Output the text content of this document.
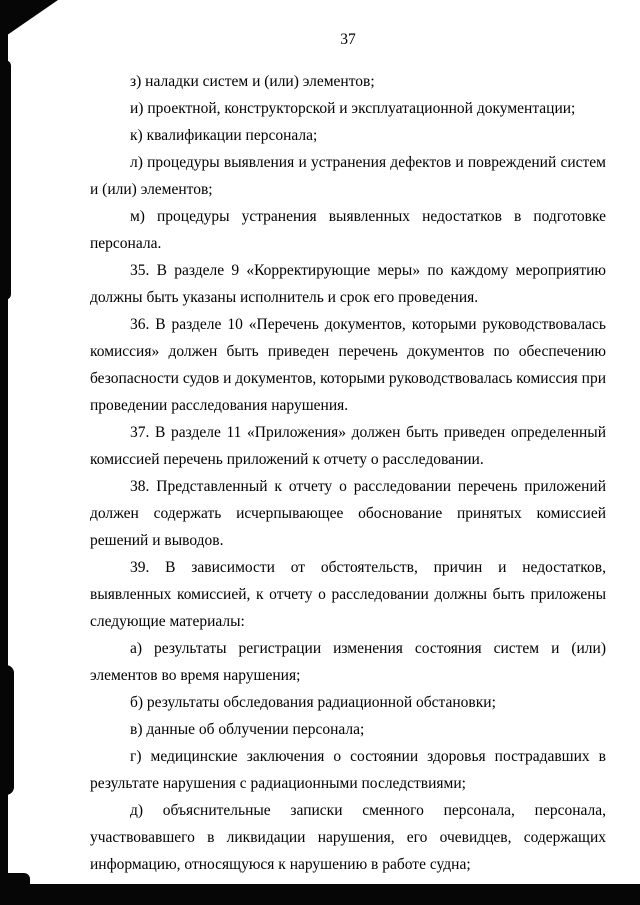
37

з) наладки систем и (или) элементов;

и) проектной, конструкторской и эксплуатационной документации;

к) квалификации персонала;

л) процедуры выявления и устранения дефектов и повреждений систем и (или) элементов;

м) процедуры устранения выявленных недостатков в подготовке персонала.

35. В разделе 9 «Корректирующие меры» по каждому мероприятию должны быть указаны исполнитель и срок его проведения.

36. В разделе 10 «Перечень документов, которыми руководствовалась комиссия» должен быть приведен перечень документов по обеспечению безопасности судов и документов, которыми руководствовалась комиссия при проведении расследования нарушения.

37. В разделе 11 «Приложения» должен быть приведен определенный комиссией перечень приложений к отчету о расследовании.

38. Представленный к отчету о расследовании перечень приложений должен содержать исчерпывающее обоснование принятых комиссией решений и выводов.

39. В зависимости от обстоятельств, причин и недостатков, выявленных комиссией, к отчету о расследовании должны быть приложены следующие материалы:

а) результаты регистрации изменения состояния систем и (или) элементов во время нарушения;

б) результаты обследования радиационной обстановки;

в) данные об облучении персонала;

г) медицинские заключения о состоянии здоровья пострадавших в результате нарушения с радиационными последствиями;

д) объяснительные записки сменного персонала, персонала, участвовавшего в ликвидации нарушения, его очевидцев, содержащих информацию, относящуюся к нарушению в работе судна;
